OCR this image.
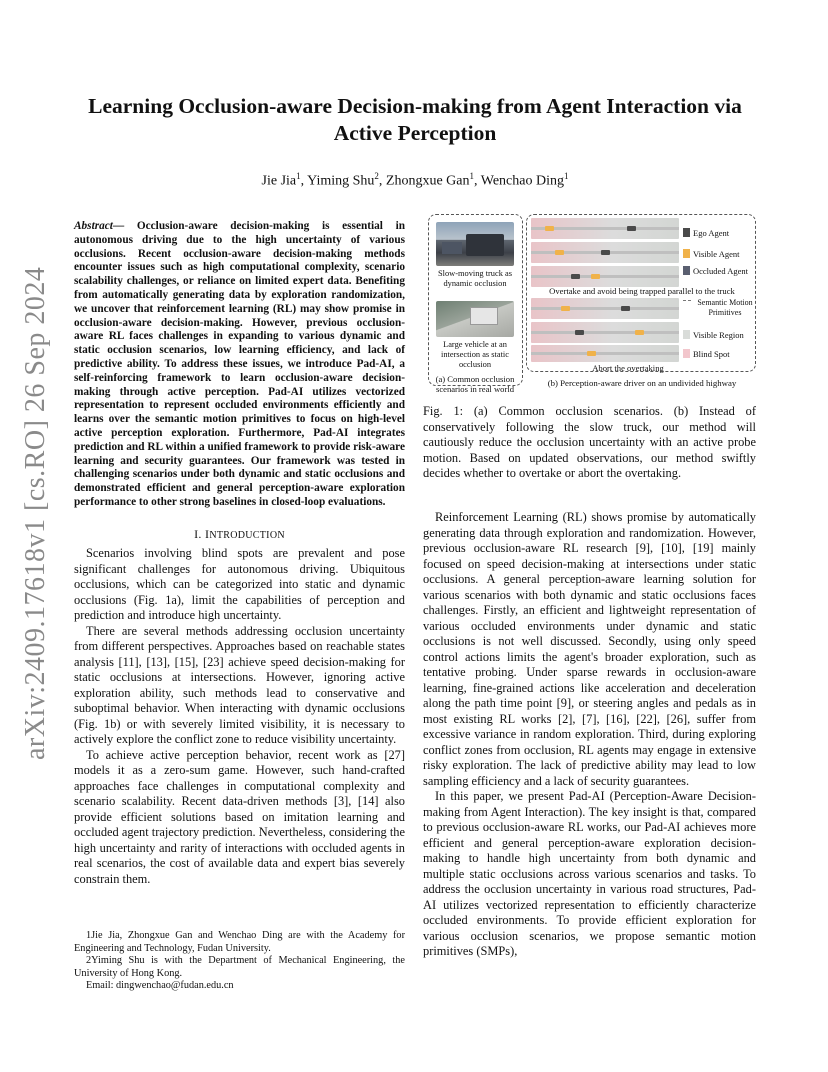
arXiv:2409.17618v1 [cs.RO] 26 Sep 2024
Learning Occlusion-aware Decision-making from Agent Interaction via Active Perception
Jie Jia$^1$, Yiming Shu$^2$, Zhongxue Gan$^1$, Wenchao Ding$^1$
Abstract— Occlusion-aware decision-making is essential in autonomous driving due to the high uncertainty of various occlusions. Recent occlusion-aware decision-making methods encounter issues such as high computational complexity, scenario scalability challenges, or reliance on limited expert data. Benefiting from automatically generating data by exploration randomization, we uncover that reinforcement learning (RL) may show promise in occlusion-aware decision-making. However, previous occlusion-aware RL faces challenges in expanding to various dynamic and static occlusion scenarios, low learning efficiency, and lack of predictive ability. To address these issues, we introduce Pad-AI, a self-reinforcing framework to learn occlusion-aware decision-making through active perception. Pad-AI utilizes vectorized representation to represent occluded environments efficiently and learns over the semantic motion primitives to focus on high-level active perception exploration. Furthermore, Pad-AI integrates prediction and RL within a unified framework to provide risk-aware learning and security guarantees. Our framework was tested in challenging scenarios under both dynamic and static occlusions and demonstrated efficient and general perception-aware exploration performance to other strong baselines in closed-loop evaluations.
I. INTRODUCTION

Scenarios involving blind spots are prevalent and pose significant challenges for autonomous driving. Ubiquitous occlusions, which can be categorized into static and dynamic occlusions (Fig. 1a), limit the capabilities of perception and prediction and introduce high uncertainty.

There are several methods addressing occlusion uncertainty from different perspectives. Approaches based on reachable states analysis [11], [13], [15], [23] achieve speed decision-making for static occlusions at intersections. However, ignoring active exploration ability, such methods lead to conservative and suboptimal behavior. When interacting with dynamic occlusions (Fig. 1b) or with severely limited visibility, it is necessary to actively explore the conflict zone to reduce visibility uncertainty.

To achieve active perception behavior, recent work as [27] models it as a zero-sum game. However, such hand-crafted approaches face challenges in computational complexity and scenario scalability. Recent data-driven methods [3], [14] also provide efficient solutions based on imitation learning and occluded agent trajectory prediction. Nevertheless, considering the high uncertainty and rarity of interactions with occluded agents in real scenarios, the cost of available data and expert bias severely constrain them.

1Jie Jia, Zhongxue Gan and Wenchao Ding are with the Academy for Engineering and Technology, Fudan University.

2Yiming Shu is with the Department of Mechanical Engineering, the University of Hong Kong.

Email: dingwenchao@fudan.edu.cn

Slow-moving truck as dynamic occlusion
Large vehicle at an intersection as static occlusion
(a) Common occlusion scenarios in real world
Overtake and avoid being trapped parallel to the truck
Abort the overtaking
Ego Agent
Visible Agent
Occluded Agent
Semantic Motion Primitives
Visible Region
Blind Spot
(b) Perception-aware driver on an undivided highway
Fig. 1: (a) Common occlusion scenarios. (b) Instead of conservatively following the slow truck, our method will cautiously reduce the occlusion uncertainty with an active probe motion. Based on updated observations, our method swiftly decides whether to overtake or abort the overtaking.

Reinforcement Learning (RL) shows promise by automatically generating data through exploration and randomization. However, previous occlusion-aware RL research [9], [10], [19] mainly focused on speed decision-making at intersections under static occlusions. A general perception-aware learning solution for various scenarios with both dynamic and static occlusions faces challenges. Firstly, an efficient and lightweight representation of various occluded environments under dynamic and static occlusions is not well discussed. Secondly, using only speed control actions limits the agent's broader exploration, such as tentative probing. Under sparse rewards in occlusion-aware learning, fine-grained actions like acceleration and deceleration along the path time point [9], or steering angles and pedals as in most existing RL works [2], [7], [16], [22], [26], suffer from excessive variance in random exploration. Third, during exploring conflict zones from occlusion, RL agents may engage in extensive risky exploration. The lack of predictive ability may lead to low sampling efficiency and a lack of security guarantees.

In this paper, we present Pad-AI (Perception-Aware Decision-making from Agent Interaction). The key insight is that, compared to previous occlusion-aware RL works, our Pad-AI achieves more efficient and general perception-aware exploration decision-making to handle high uncertainty from both dynamic and multiple static occlusions across various scenarios and tasks. To address the occlusion uncertainty in various road structures, Pad-AI utilizes vectorized representation to efficiently characterize occluded environments. To provide efficient exploration for various occlusion scenarios, we propose semantic motion primitives (SMPs),
